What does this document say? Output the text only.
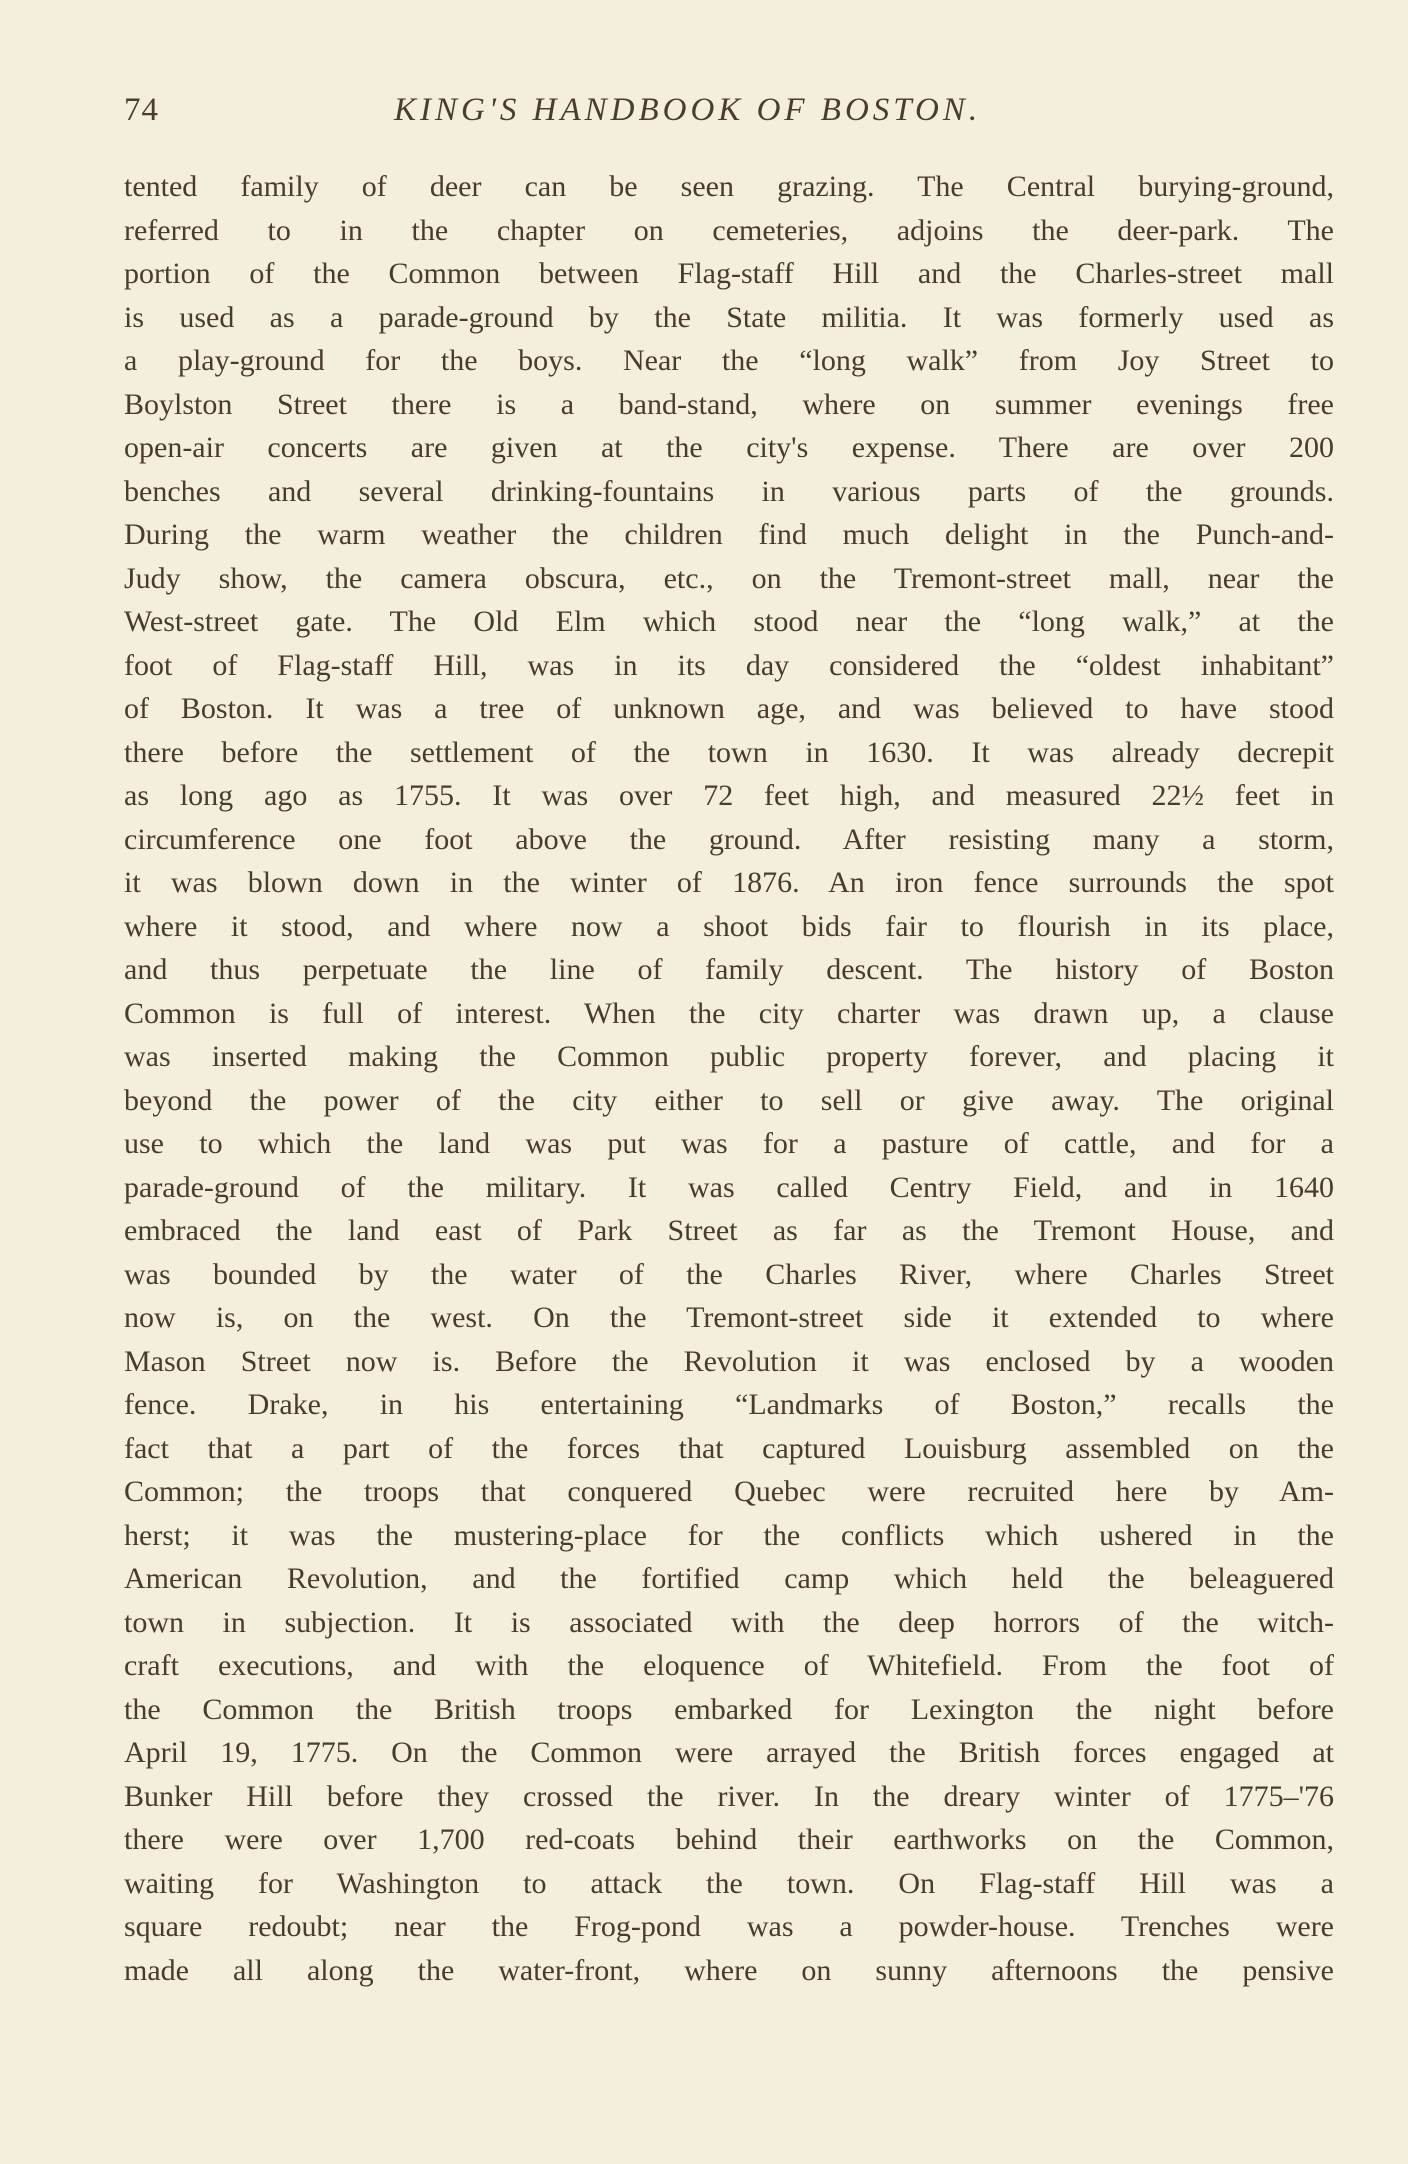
74	KING'S HANDBOOK OF BOSTON.
tented family of deer can be seen grazing. The Central burying-ground,
referred to in the chapter on cemeteries, adjoins the deer-park. The
portion of the Common between Flag-staff Hill and the Charles-street mall
is used as a parade-ground by the State militia. It was formerly used as
a play-ground for the boys. Near the “long walk” from Joy Street to
Boylston Street there is a band-stand, where on summer evenings free
open-air concerts are given at the city's expense. There are over 200
benches and several drinking-fountains in various parts of the grounds.
During the warm weather the children find much delight in the Punch-and-
Judy show, the camera obscura, etc., on the Tremont-street mall, near the
West-street gate. The Old Elm which stood near the “long walk,” at the
foot of Flag-staff Hill, was in its day considered the “oldest inhabitant”
of Boston. It was a tree of unknown age, and was believed to have stood
there before the settlement of the town in 1630. It was already decrepit
as long ago as 1755. It was over 72 feet high, and measured 22½ feet in
circumference one foot above the ground. After resisting many a storm,
it was blown down in the winter of 1876. An iron fence surrounds the spot
where it stood, and where now a shoot bids fair to flourish in its place,
and thus perpetuate the line of family descent. The history of Boston
Common is full of interest. When the city charter was drawn up, a clause
was inserted making the Common public property forever, and placing it
beyond the power of the city either to sell or give away. The original
use to which the land was put was for a pasture of cattle, and for a
parade-ground of the military. It was called Centry Field, and in 1640
embraced the land east of Park Street as far as the Tremont House, and
was bounded by the water of the Charles River, where Charles Street
now is, on the west. On the Tremont-street side it extended to where
Mason Street now is. Before the Revolution it was enclosed by a wooden
fence. Drake, in his entertaining “Landmarks of Boston,” recalls the
fact that a part of the forces that captured Louisburg assembled on the
Common; the troops that conquered Quebec were recruited here by Am-
herst; it was the mustering-place for the conflicts which ushered in the
American Revolution, and the fortified camp which held the beleaguered
town in subjection. It is associated with the deep horrors of the witch-
craft executions, and with the eloquence of Whitefield. From the foot of
the Common the British troops embarked for Lexington the night before
April 19, 1775. On the Common were arrayed the British forces engaged at
Bunker Hill before they crossed the river. In the dreary winter of 1775–'76
there were over 1,700 red-coats behind their earthworks on the Common,
waiting for Washington to attack the town. On Flag-staff Hill was a
square redoubt; near the Frog-pond was a powder-house. Trenches were
made all along the water-front, where on sunny afternoons the pensive
